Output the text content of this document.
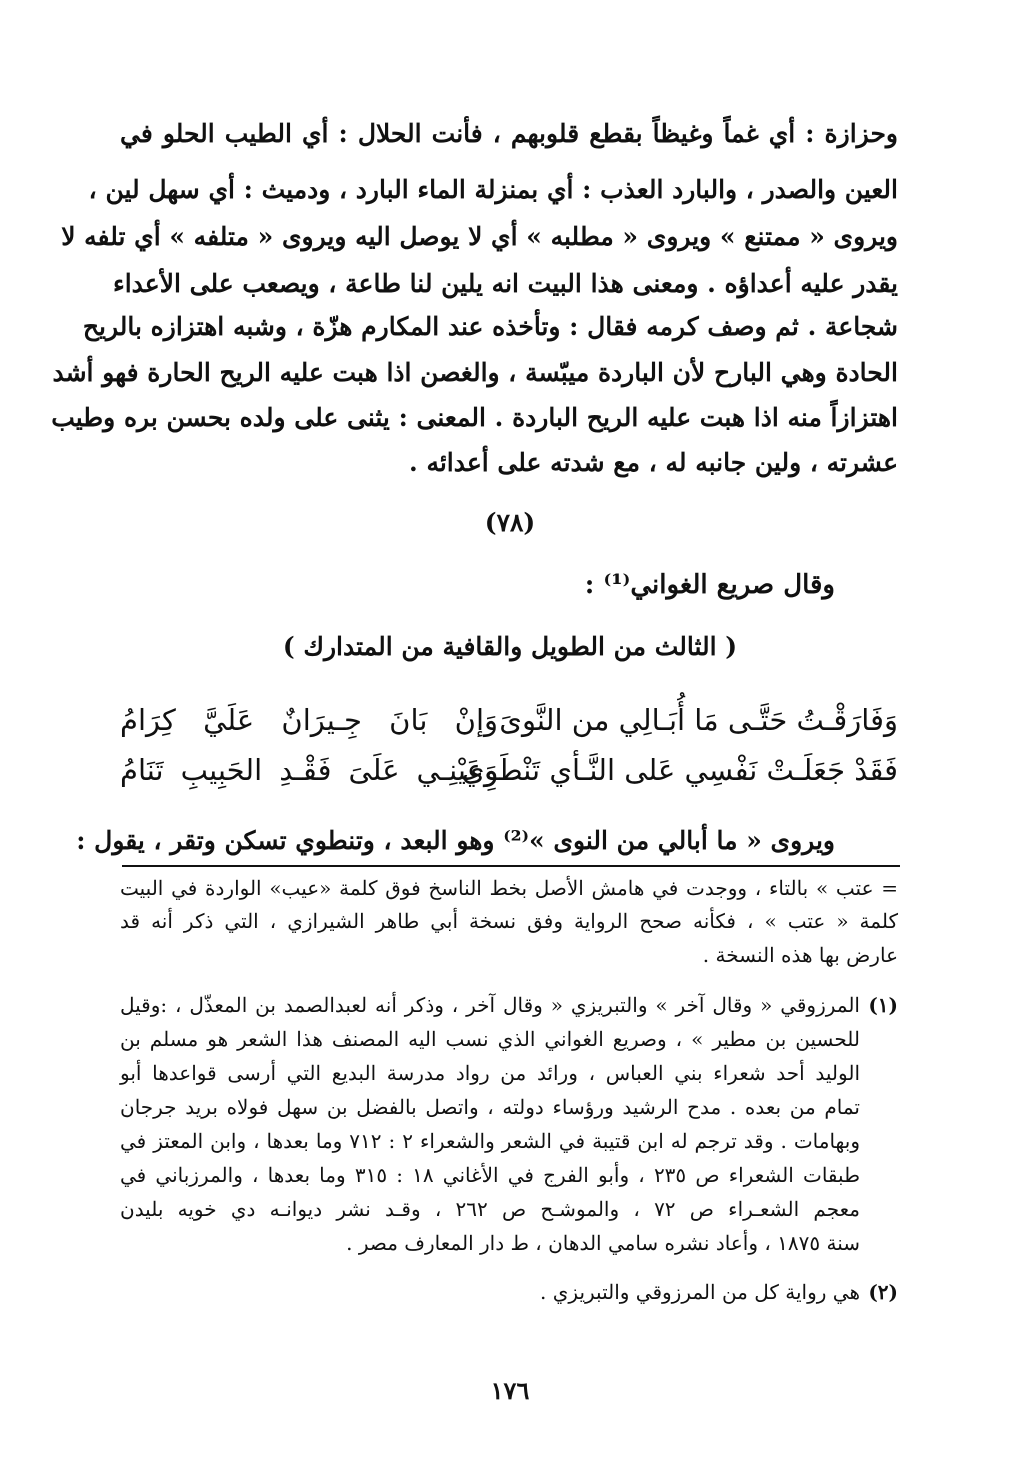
وحزازة : أي غماً وغيظاً بقطع قلوبهم ، فأنت الحلال : أي الطيب الحلو في
العين والصدر ، والبارد العذب : أي بمنزلة الماء البارد ، ودميث : أي سهل لين ،
ويروى « ممتنع » ويروى « مطلبه » أي لا يوصل اليه ويروى « متلفه » أي تلفه لا
يقدر عليه أعداؤه . ومعنى هذا البيت انه يلين لنا طاعة ، ويصعب على الأعداء
شجاعة . ثم وصف كرمه فقال : وتأخذه عند المكارم هزّة ، وشبه اهتزازه بالريح
الحادة وهي البارح لأن الباردة ميبّسة ، والغصن اذا هبت عليه الريح الحارة فهو أشد
اهتزازاً منه اذا هبت عليه الريح الباردة . المعنى : يثنى على ولده بحسن بره وطيب
عشرته ، ولين جانبه له ، مع شدته على أعدائه .
(٧٨)
وقال صريع الغواني⁽¹⁾ :
( الثالث من الطويل والقافية من المتدارك )
وَفَارَقْـتُ حَتَّـى مَا أُبَـالِي من النَّوىَ
وَإنْ بَانَ جِـيرَانٌ عَلَيَّ كِرَامُ
فَقَدْ جَعَلَـتْ نَفْسِي عَلى النَّـأي تَنْطَوِي
وَعَيْنِـي عَلَىَ فَقْـدِ الحَبِيبِ تَنَامُ
ويروى « ما أبالي من النوى »⁽²⁾ وهو البعد ، وتنطوي تسكن وتقر ، يقول :
= عتب » بالتاء ، ووجدت في هامش الأصل بخط الناسخ فوق كلمة «عيب» الواردة في البيت
كلمة « عتب » ، فكأنه صحح الرواية وفق نسخة أبي طاهر الشيرازي ، التي ذكر أنه قد
عارض بها هذه النسخة .
(١)
المرزوقي « وقال آخر » والتبريزي « وقال آخر ، وذكر أنه لعبدالصمد بن المعذّل ، :وقيل
للحسين بن مطير » ، وصريع الغواني الذي نسب اليه المصنف هذا الشعر هو مسلم بن
الوليد أحد شعراء بني العباس ، ورائد من رواد مدرسة البديع التي أرسى قواعدها أبو
تمام من بعده . مدح الرشيد ورؤساء دولته ، واتصل بالفضل بن سهل فولاه بريد جرجان
وبهامات . وقد ترجم له ابن قتيبة في الشعر والشعراء ٢ : ٧١٢ وما بعدها ، وابن المعتز في
طبقات الشعراء ص ٢٣٥ ، وأبو الفرج في الأغاني ١٨ : ٣١٥ وما بعدها ، والمرزباني في
معجم الشعـراء ص ٧٢ ، والموشـح ص ٢٦٢ ، وقـد نشر ديوانـه دي خويه بليدن
سنة ١٨٧٥ ، وأعاد نشره سامي الدهان ، ط دار المعارف مصر .
(٢)
هي رواية كل من المرزوقي والتبريزي .
١٧٦
